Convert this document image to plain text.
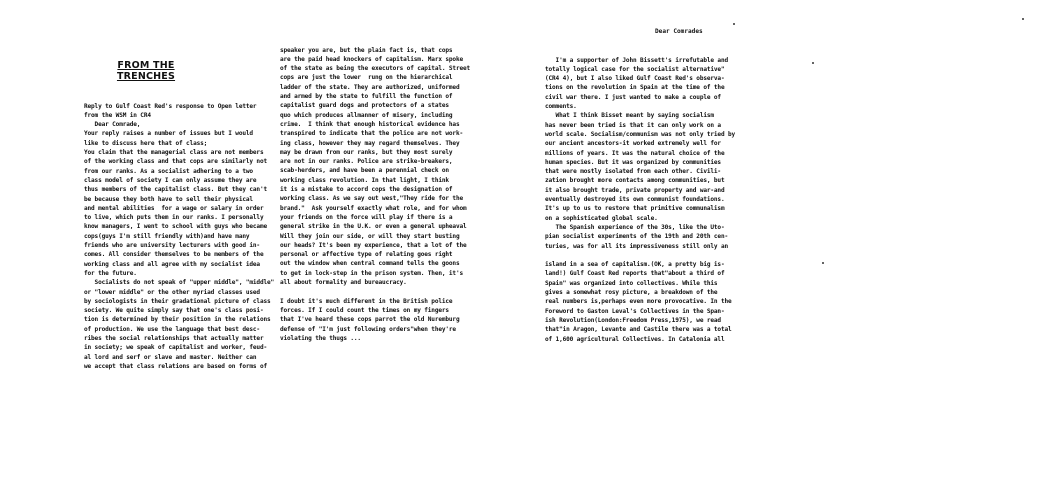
FROM THE TRENCHES

Reply to Gulf Coast Red's response to Open letter
from the WSM in CR4
Dear Comrade,
Your reply raises a number of issues but I would
like to discuss here that of class;
You claim that the managerial class are not members
of the working class and that cops are similarly not
from our ranks. As a socialist adhering to a two
class model of society I can only assume they are
thus members of the capitalist class. But they can't
be because they both have to sell their physical
and mental abilities  for a wage or salary in order
to live, which puts them in our ranks. I personally
know managers, I went to school with guys who became
cops(guys I'm still friendly with)and have many
friends who are university lecturers with good in-
comes. All consider themselves to be members of the
working class and all agree with my socialist idea
for the future.
Socialists do not speak of "upper middle", "middle"
or "lower middle" or the other myriad classes used
by sociologists in their gradational picture of class
society. We quite simply say that one's class posi-
tion is determined by their position in the relations
of production. We use the language that best desc-
ribes the social relationships that actually matter
in society; we speak of capitalist and worker, feud-
al lord and serf or slave and master. Neither can
we accept that class relations are based on forms of

speaker you are, but the plain fact is, that cops
are the paid head knockers of capitalism. Marx spoke
of the state as being the executors of capital. Street
cops are just the lower  rung on the hierarchical
ladder of the state. They are authorized, uniformed
and armed by the state to fulfill the function of
capitalist guard dogs and protectors of a states
quo which produces allmanner of misery, including
crime.  I think that enough historical evidence has
transpired to indicate that the police are not work-
ing class, however they may regard themselves. They
may be drawn from our ranks, but they most surely
are not in our ranks. Police are strike-breakers,
scab-herders, and have been a perennial check on
working class revolution. In that light, I think
it is a mistake to accord cops the designation of
working class. As we say out west,"They ride for the
brand."  Ask yourself exactly what role, and for whom
your friends on the force will play if there is a
general strike in the U.K. or even a general upheaval
Will they join our side, or will they start busting
our heads? It's been my experience, that a lot of the
personal or affective type of relating goes right
out the window when central command tells the goons
to get in lock-step in the prison system. Then, it's
all about formality and bureaucracy.
I doubt it's much different in the British police
forces. If I could count the times on my fingers
that I've heard these cops parrot the old Nuremburg
defense of "I'm just following orders"when they're
violating the thugs ...

Dear Comrades

I'm a supporter of John Bissett's irrefutable and
totally logical case for the socialist alternative"
(CR4 4), but I also liked Gulf Coast Red's observa-
tions on the revolution in Spain at the time of the
civil war there. I just wanted to make a couple of
comments.
What I think Bisset meant by saying socialism
has never been tried is that it can only work on a
world scale. Socialism/communism was not only tried by
our ancient ancestors-it worked extremely well for
millions of years. It was the natural choice of the
human species. But it was organized by communities
that were mostly isolated from each other. Civili-
zation brought more contacts among communities, but
it also brought trade, private property and war-and
eventually destroyed its own communist foundations.
It's up to us to restore that primitive communalism
on a sophisticated global scale.
The Spanish experience of the 30s, like the Uto-
pian socialist experiments of the 19th and 20th cen-
turies, was for all its impressiveness still only an
island in a sea of capitalism.(OK, a pretty big is-
land!) Gulf Coast Red reports that"about a third of
Spain" was organized into collectives. While this
gives a somewhat rosy picture, a breakdown of the
real numbers is,perhaps even more provocative. In the
Foreword to Gaston Leval's Collectives in the Span-
ish Revolution(London:Freedom Press,1975), we read
that"in Aragon, Levante and Castile there was a total
of 1,600 agricultural Collectives. In Catalonia all
